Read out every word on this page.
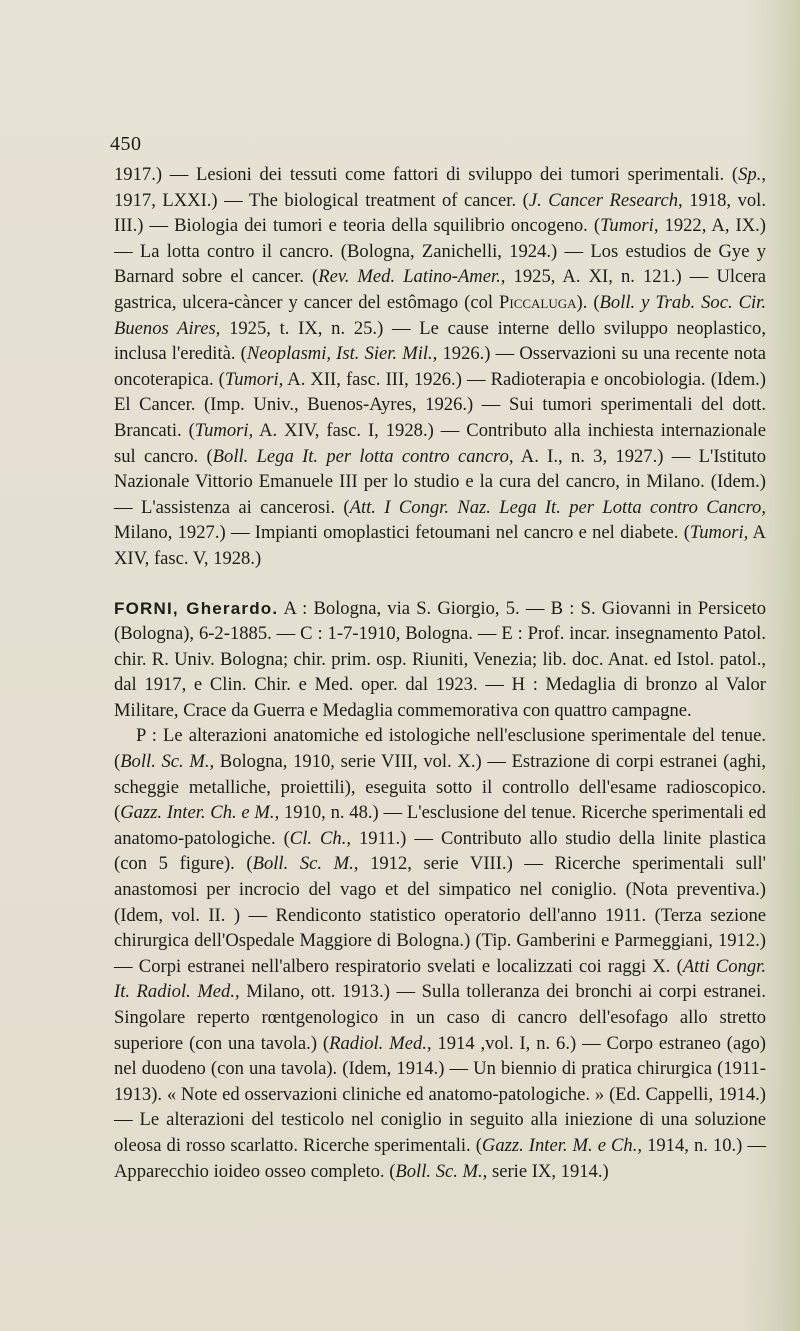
450

1917.) — Lesioni dei tessuti come fattori di sviluppo dei tumori sperimentali. (Sp., 1917, LXXI.) — The biological treatment of cancer. (J. Cancer Research, 1918, vol. III.) — Biologia dei tumori e teoria della squilibrio oncogeno. (Tumori, 1922, A, IX.) — La lotta contro il cancro. (Bologna, Zanichelli, 1924.) — Los estudios de Gye y Barnard sobre el cancer. (Rev. Med. Latino-Amer., 1925, A. XI, n. 121.) — Ulcera gastrica, ulcera-càncer y cancer del estômago (col Piccaluga). (Boll. y Trab. Soc. Cir. Buenos Aires, 1925, t. IX, n. 25.) — Le cause interne dello sviluppo neoplastico, inclusa l'eredità. (Neoplasmi, Ist. Sier. Mil., 1926.) — Osservazioni su una recente nota oncoterapica. (Tumori, A. XII, fasc. III, 1926.) — Radioterapia e oncobiologia. (Idem.) El Cancer. (Imp. Univ., Buenos-Ayres, 1926.) — Sui tumori sperimentali del dott. Brancati. (Tumori, A. XIV, fasc. I, 1928.) — Contributo alla inchiesta internazionale sul cancro. (Boll. Lega It. per lotta contro cancro, A. I., n. 3, 1927.) — L'Istituto Nazionale Vittorio Emanuele III per lo studio e la cura del cancro, in Milano. (Idem.) — L'assistenza ai cancerosi. (Att. I Congr. Naz. Lega It. per Lotta contro Cancro, Milano, 1927.) — Impianti omoplastici fetoumani nel cancro e nel diabete. (Tumori, A XIV, fasc. V, 1928.)

FORNI, Gherardo. A : Bologna, via S. Giorgio, 5. — B : S. Giovanni in Persiceto (Bologna), 6-2-1885. — C : 1-7-1910, Bologna. — E : Prof. incar. insegnamento Patol. chir. R. Univ. Bologna; chir. prim. osp. Riuniti, Venezia; lib. doc. Anat. ed Istol. patol., dal 1917, e Clin. Chir. e Med. oper. dal 1923. — H : Medaglia di bronzo al Valor Militare, Crace da Guerra e Medaglia commemorativa con quattro campagne.

P : Le alterazioni anatomiche ed istologiche nell'esclusione sperimentale del tenue. (Boll. Sc. M., Bologna, 1910, serie VIII, vol. X.) — Estrazione di corpi estranei (aghi, scheggie metalliche, proiettili), eseguita sotto il controllo dell'esame radioscopico. (Gazz. Inter. Ch. e M., 1910, n. 48.) — L'esclusione del tenue. Ricerche sperimentali ed anatomo-patologiche. (Cl. Ch., 1911.) — Contributo allo studio della linite plastica (con 5 figure). (Boll. Sc. M., 1912, serie VIII.) — Ricerche sperimentali sull' anastomosi per incrocio del vago et del simpatico nel coniglio. (Nota preventiva.) (Idem, vol. II. ) — Rendiconto statistico operatorio dell'anno 1911. (Terza sezione chirurgica dell'Ospedale Maggiore di Bologna.) (Tip. Gamberini e Parmeggiani, 1912.) — Corpi estranei nell'albero respiratorio svelati e localizzati coi raggi X. (Atti Congr. It. Radiol. Med., Milano, ott. 1913.) — Sulla tolleranza dei bronchi ai corpi estranei. Singolare reperto rœntgenologico in un caso di cancro dell'esofago allo stretto superiore (con una tavola.) (Radiol. Med., 1914 ,vol. I, n. 6.) — Corpo estraneo (ago) nel duodeno (con una tavola). (Idem, 1914.) — Un biennio di pratica chirurgica (1911-1913). « Note ed osservazioni cliniche ed anatomo-patologiche. » (Ed. Cappelli, 1914.) — Le alterazioni del testicolo nel coniglio in seguito alla iniezione di una soluzione oleosa di rosso scarlatto. Ricerche sperimentali. (Gazz. Inter. M. e Ch., 1914, n. 10.) — Apparecchio ioideo osseo completo. (Boll. Sc. M., serie IX, 1914.)
